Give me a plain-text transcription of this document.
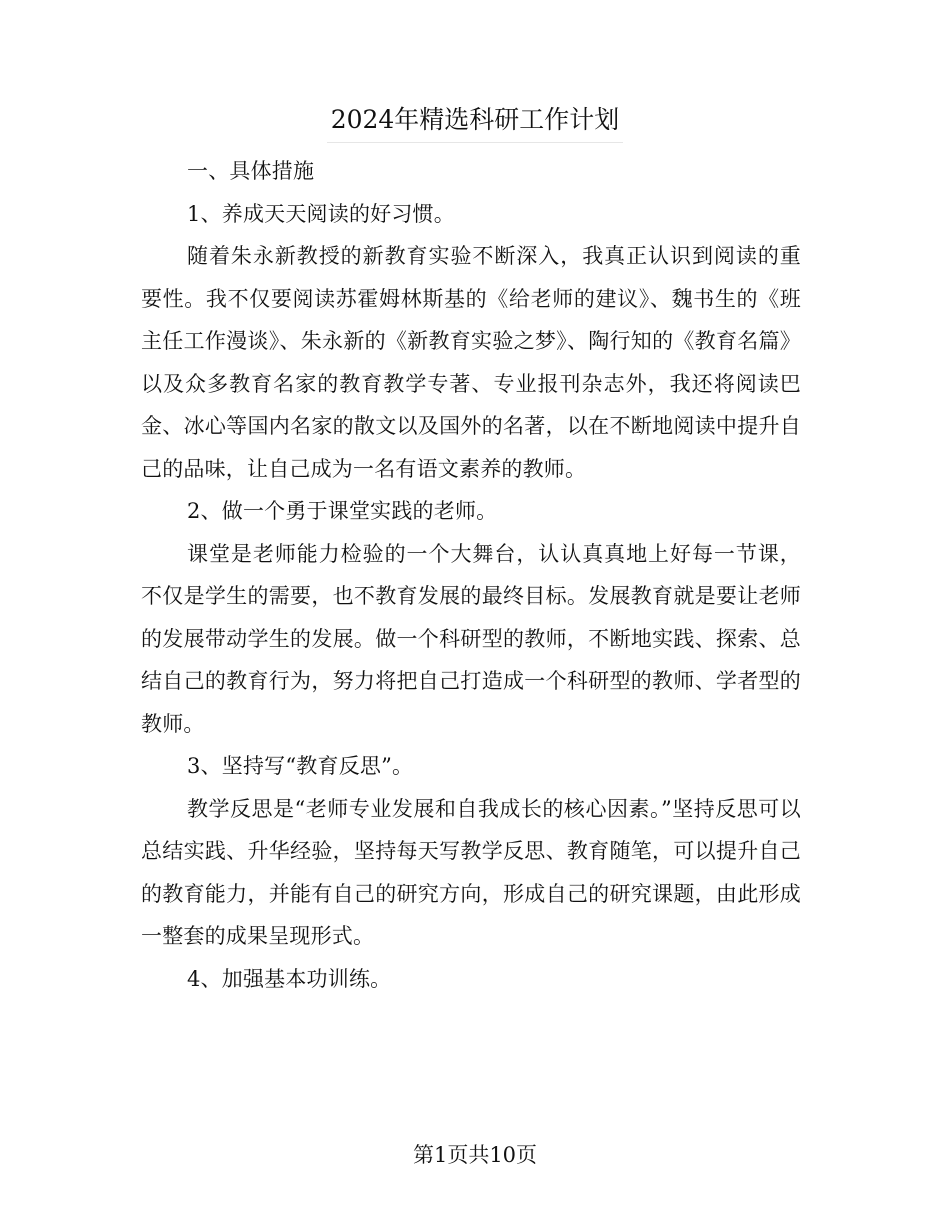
2024年精选科研工作计划

一、具体措施

1、养成天天阅读的好习惯。

随着朱永新教授的新教育实验不断深入，我真正认识到阅读的重要性。我不仅要阅读苏霍姆林斯基的《给老师的建议》、魏书生的《班主任工作漫谈》、朱永新的《新教育实验之梦》、陶行知的《教育名篇》以及众多教育名家的教育教学专著、专业报刊杂志外，我还将阅读巴金、冰心等国内名家的散文以及国外的名著，以在不断地阅读中提升自己的品味，让自己成为一名有语文素养的教师。

2、做一个勇于课堂实践的老师。

课堂是老师能力检验的一个大舞台，认认真真地上好每一节课，不仅是学生的需要，也不教育发展的最终目标。发展教育就是要让老师的发展带动学生的发展。做一个科研型的教师，不断地实践、探索、总结自己的教育行为，努力将把自己打造成一个科研型的教师、学者型的教师。

3、坚持写“教育反思”。

教学反思是“老师专业发展和自我成长的核心因素。”坚持反思可以总结实践、升华经验，坚持每天写教学反思、教育随笔，可以提升自己的教育能力，并能有自己的研究方向，形成自己的研究课题，由此形成一整套的成果呈现形式。

4、加强基本功训练。

第1页共10页
